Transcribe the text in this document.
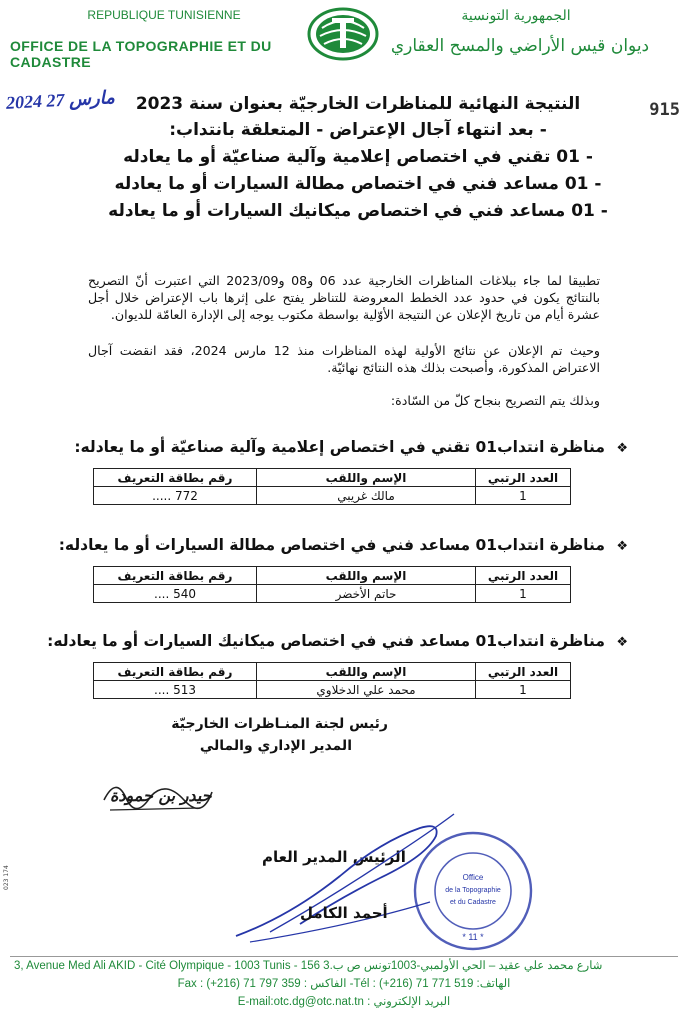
REPUBLIQUE TUNISIENNE
OFFICE DE LA TOPOGRAPHIE ET DU CADASTRE
الجمهورية التونسية
ديوان قيس الأراضي والمسح العقاري
2024 مارس 27
915
النتيجة النهائية للمناظرات الخارجيّة بعنوان سنة 2023
- بعد انتهاء آجال الإعتراض - المتعلقة بانتداب:
- 01 تقني في اختصاص إعلامية وآلية صناعيّة أو ما يعادله
- 01 مساعد فني في اختصاص مطالة السيارات أو ما يعادله
- 01 مساعد فني في اختصاص ميكانيك السيارات أو ما يعادله
تطبيقا لما جاء ببلاغات المناظرات الخارجية عدد 06 و08 و2023/09 التي اعتبرت أنّ التصريح بالنتائج يكون في حدود عدد الخطط المعروضة للتناظر يفتح على إثرها باب الإعتراض خلال أجل عشرة أيام من تاريخ الإعلان عن النتيجة الأوّلية بواسطة مكتوب يوجه إلى الإدارة العامّة للديوان.
وحيث تم الإعلان عن نتائج الأولية لهذه المناظرات منذ 12 مارس 2024، فقد انقضت آجال الاعتراض المذكورة، وأصبحت بذلك هذه النتائج نهائيّة.
وبذلك يتم التصريح بنجاح كلّ من السّادة:
❖ مناظرة انتداب01 تقني في اختصاص إعلامية وآلية صناعيّة أو ما يعادله:
العدد الرتبي	الإسم واللقب	رقم بطاقة التعريف
1	مالك غريبي	772 .....
❖ مناظرة انتداب01 مساعد فني في اختصاص مطالة السيارات أو ما يعادله:
العدد الرتبي	الإسم واللقب	رقم بطاقة التعريف
1	حاتم الأخضر	540 ....
❖ مناظرة انتداب01 مساعد فني في اختصاص ميكانيك السيارات أو ما يعادله:
العدد الرتبي	الإسم واللقب	رقم بطاقة التعريف
1	محمد علي الدخلاوي	513 ....
رئيس لجنة المنـاظرات الخارجيّة
المدير الإداري والمالي
حيدر بن حمودة
الرئيس المدير العام
أحمد الكامل
Office
de la Topographie
et du Cadastre
* 11 *
023 174
3, Avenue Med Ali AKID - Cité Olympique - 1003 Tunis - 156 3.شارع محمد علي عقيد – الحي الأولمبي-1003تونس ص ب
Fax : (+216) 71 797 359 : الفاكس -Tél : (+216) 71 771 519 :الهاتف
E-mail:otc.dg@otc.nat.tn : البريد الإلكتروني
